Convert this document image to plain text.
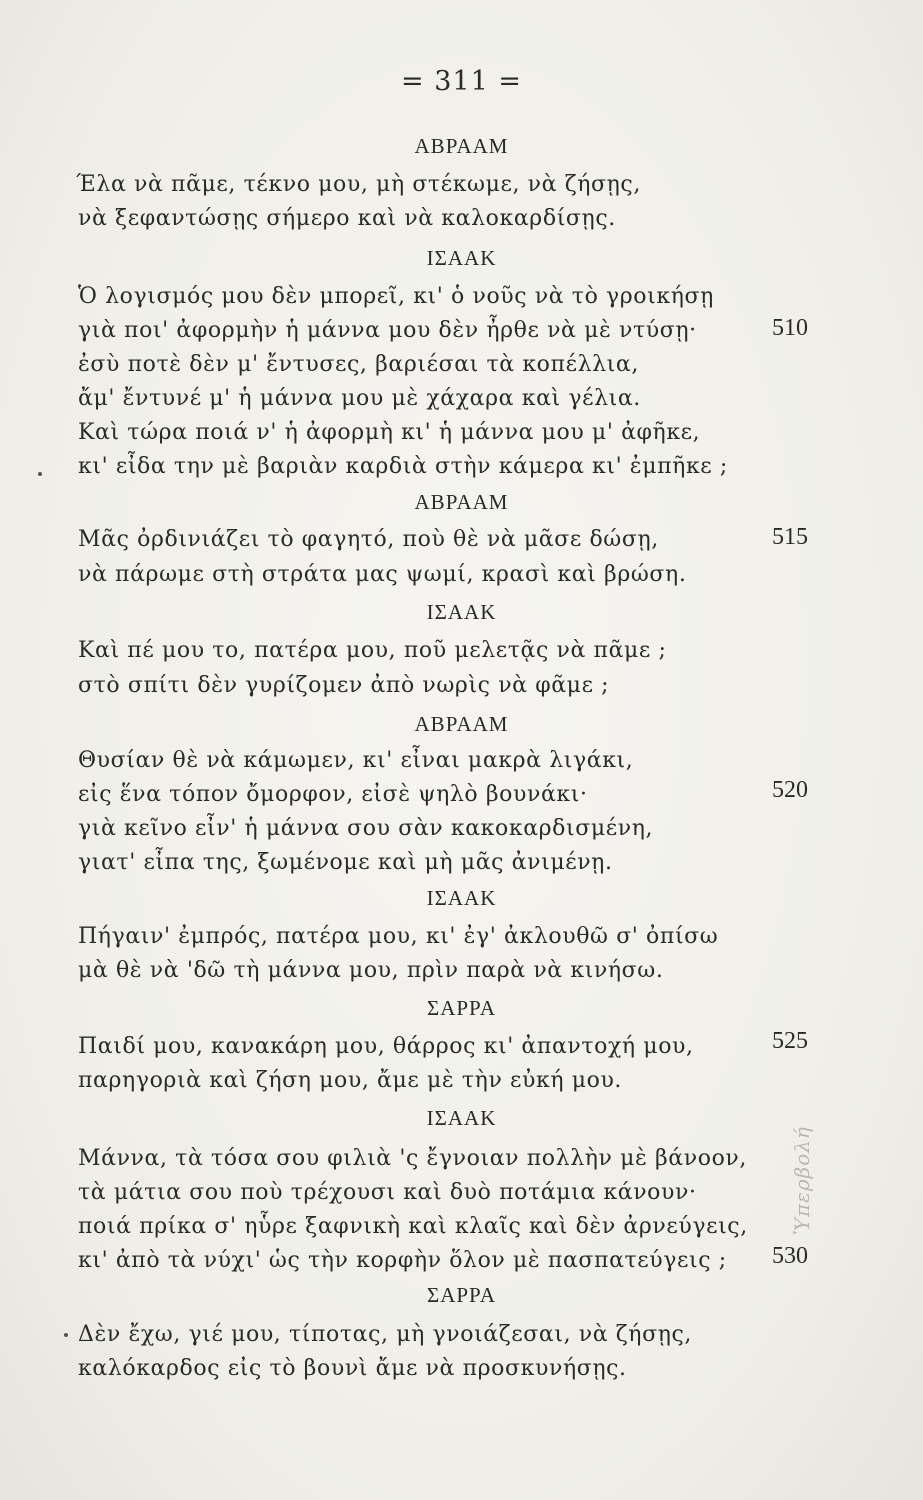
= 311 =
ΑΒΡΑΑΜ
Έλα νὰ πᾶμε, τέκνο μου, μὴ στέκωμε, νὰ ζήσῃς,
νὰ ξεφαντώσῃς σήμερο καὶ νὰ καλοκαρδίσῃς.
ΙΣΑΑΚ
Ὁ λογισμός μου δὲν μπορεῖ, κι' ὁ νοῦς νὰ τὸ γροικήσῃ
γιὰ ποι' ἀφορμὴν ἡ μάννα μου δὲν ἦρθε νὰ μὲ ντύσῃ·	510
ἐσὺ ποτὲ δὲν μ' ἔντυσες, βαριέσαι τὰ κοπέλλια,
ἄμ' ἔντυνέ μ' ἡ μάννα μου μὲ χάχαρα καὶ γέλια.
Καὶ τώρα ποιά ν' ἡ ἀφορμὴ κι' ἡ μάννα μου μ' ἀφῆκε,
κι' εἶδα την μὲ βαριὰν καρδιὰ στὴν κάμερα κι' ἐμπῆκε ;
ΑΒΡΑΑΜ
Μᾶς ὀρδινιάζει τὸ φαγητό, ποὺ θὲ νὰ μᾶσε δώσῃ,	515
νὰ πάρωμε στὴ στράτα μας ψωμί, κρασὶ καὶ βρώση.
ΙΣΑΑΚ
Καὶ πέ μου το, πατέρα μου, ποῦ μελετᾷς νὰ πᾶμε ;
στὸ σπίτι δὲν γυρίζομεν ἀπὸ νωρὶς νὰ φᾶμε ;
ΑΒΡΑΑΜ
Θυσίαν θὲ νὰ κάμωμεν, κι' εἶναι μακρὰ λιγάκι,
εἰς ἕνα τόπον ὄμορφον, εἰσὲ ψηλὸ βουνάκι·	520
γιὰ κεῖνο εἶν' ἡ μάννα σου σὰν κακοκαρδισμένη,
γιατ' εἶπα της, ξωμένομε καὶ μὴ μᾶς ἀνιμένῃ.
ΙΣΑΑΚ
Πήγαιν' ἐμπρός, πατέρα μου, κι' ἐγ' ἀκλουθῶ σ' ὀπίσω
μὰ θὲ νὰ 'δῶ τὴ μάννα μου, πρὶν παρὰ νὰ κινήσω.
ΣΑΡΡΑ
Παιδί μου, κανακάρη μου, θάρρος κι' ἀπαντοχή μου,	525
παρηγοριὰ καὶ ζήση μου, ἄμε μὲ τὴν εὐκή μου.
ΙΣΑΑΚ
Μάννα, τὰ τόσα σου φιλιὰ 'ς ἔγνοιαν πολλὴν μὲ βάνοον,
τὰ μάτια σου ποὺ τρέχουσι καὶ δυὸ ποτάμια κάνουν·
ποιά πρίκα σ' ηὗρε ξαφνικὴ καὶ κλαῖς καὶ δὲν ἀρνεύγεις,
κι' ἀπὸ τὰ νύχι' ὡς τὴν κορφὴν ὅλον μὲ πασπατεύγεις ; 530
ΣΑΡΡΑ
Δὲν ἔχω, γιέ μου, τίποτας, μὴ γνοιάζεσαι, νὰ ζήσῃς,
καλόκαρδος εἰς τὸ βουνὶ ἄμε νὰ προσκυνήσῃς.
Ὑπερβολή
